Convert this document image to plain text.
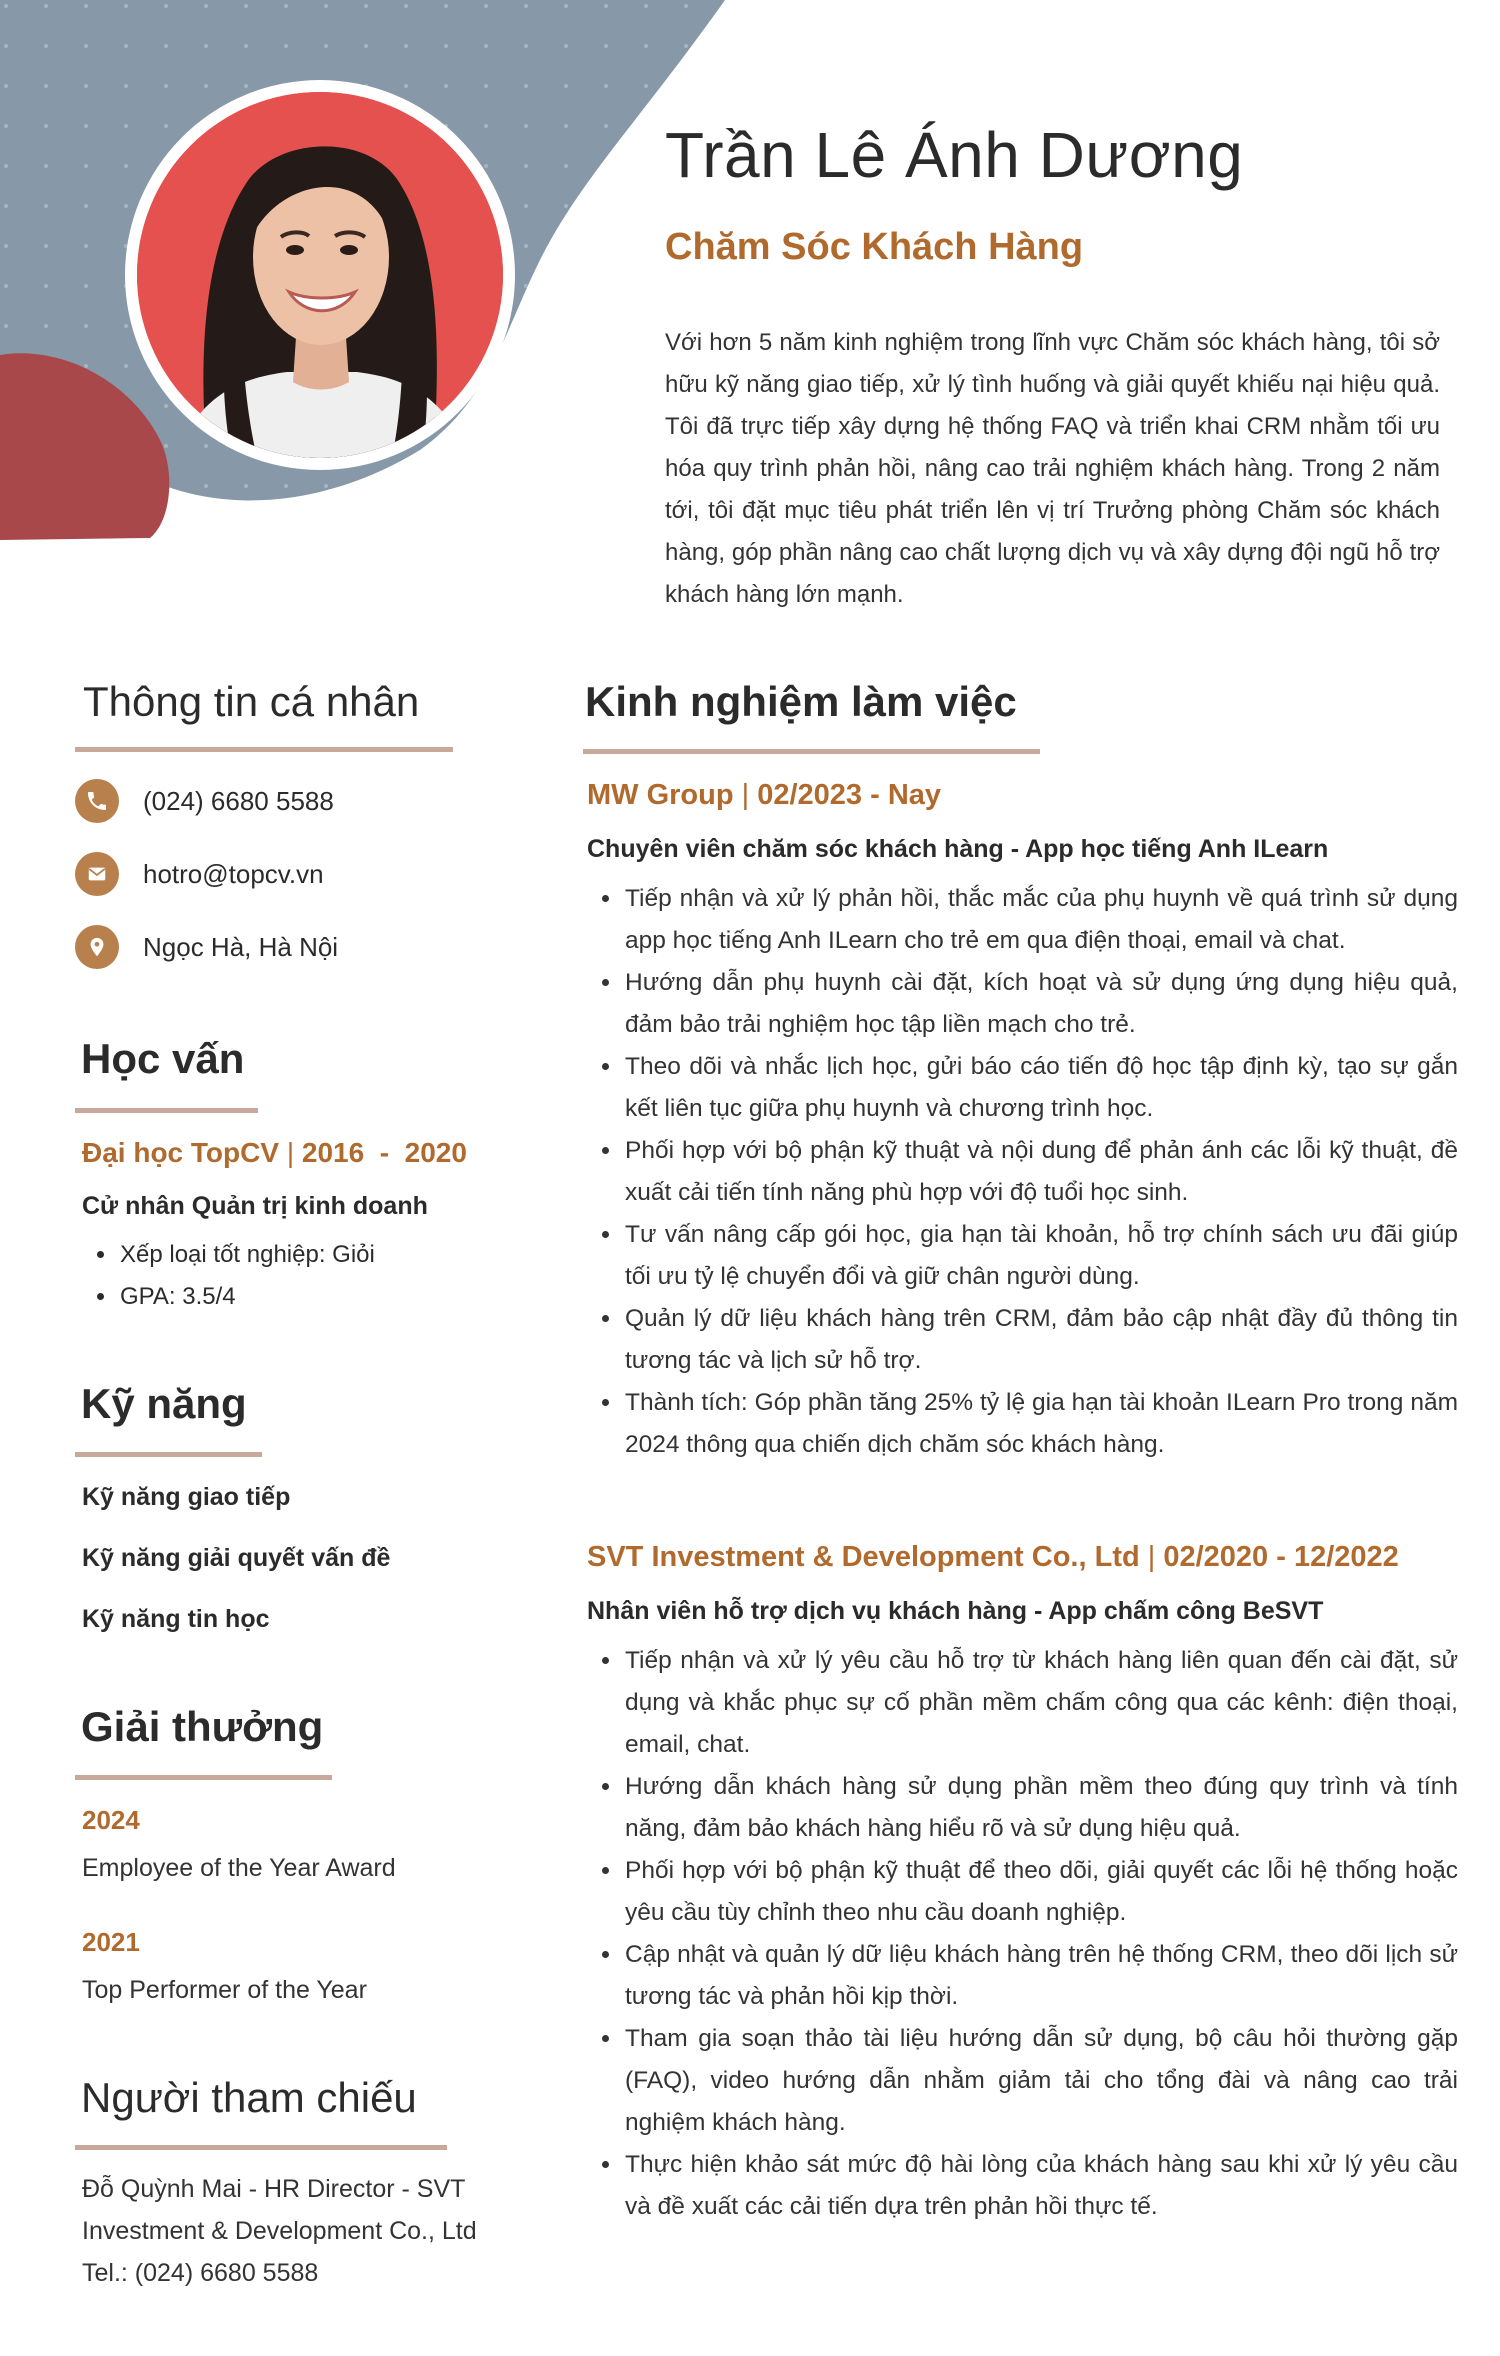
Trần Lê Ánh Dương
Chăm Sóc Khách Hàng
Với hơn 5 năm kinh nghiệm trong lĩnh vực Chăm sóc khách hàng, tôi sở hữu kỹ năng giao tiếp, xử lý tình huống và giải quyết khiếu nại hiệu quả. Tôi đã trực tiếp xây dựng hệ thống FAQ và triển khai CRM nhằm tối ưu hóa quy trình phản hồi, nâng cao trải nghiệm khách hàng. Trong 2 năm tới, tôi đặt mục tiêu phát triển lên vị trí Trưởng phòng Chăm sóc khách hàng, góp phần nâng cao chất lượng dịch vụ và xây dựng đội ngũ hỗ trợ khách hàng lớn mạnh.
Thông tin cá nhân
(024) 6680 5588
hotro@topcv.vn
Ngọc Hà, Hà Nội
Học vấn
Đại học TopCV | 2016  -  2020
Cử nhân Quản trị kinh doanh
• Xếp loại tốt nghiệp: Giỏi
• GPA: 3.5/4
Kỹ năng
Kỹ năng giao tiếp
Kỹ năng giải quyết vấn đề
Kỹ năng tin học
Giải thưởng
2024
Employee of the Year Award
2021
Top Performer of the Year
Người tham chiếu
Đỗ Quỳnh Mai - HR Director - SVT Investment & Development Co., Ltd
Tel.: (024) 6680 5588
Kinh nghiệm làm việc
MW Group | 02/2023 - Nay
Chuyên viên chăm sóc khách hàng - App học tiếng Anh ILearn
• Tiếp nhận và xử lý phản hồi, thắc mắc của phụ huynh về quá trình sử dụng app học tiếng Anh ILearn cho trẻ em qua điện thoại, email và chat.
• Hướng dẫn phụ huynh cài đặt, kích hoạt và sử dụng ứng dụng hiệu quả, đảm bảo trải nghiệm học tập liền mạch cho trẻ.
• Theo dõi và nhắc lịch học, gửi báo cáo tiến độ học tập định kỳ, tạo sự gắn kết liên tục giữa phụ huynh và chương trình học.
• Phối hợp với bộ phận kỹ thuật và nội dung để phản ánh các lỗi kỹ thuật, đề xuất cải tiến tính năng phù hợp với độ tuổi học sinh.
• Tư vấn nâng cấp gói học, gia hạn tài khoản, hỗ trợ chính sách ưu đãi giúp tối ưu tỷ lệ chuyển đổi và giữ chân người dùng.
• Quản lý dữ liệu khách hàng trên CRM, đảm bảo cập nhật đầy đủ thông tin tương tác và lịch sử hỗ trợ.
• Thành tích: Góp phần tăng 25% tỷ lệ gia hạn tài khoản ILearn Pro trong năm 2024 thông qua chiến dịch chăm sóc khách hàng.
SVT Investment & Development Co., Ltd | 02/2020 - 12/2022
Nhân viên hỗ trợ dịch vụ khách hàng - App chấm công BeSVT
• Tiếp nhận và xử lý yêu cầu hỗ trợ từ khách hàng liên quan đến cài đặt, sử dụng và khắc phục sự cố phần mềm chấm công qua các kênh: điện thoại, email, chat.
• Hướng dẫn khách hàng sử dụng phần mềm theo đúng quy trình và tính năng, đảm bảo khách hàng hiểu rõ và sử dụng hiệu quả.
• Phối hợp với bộ phận kỹ thuật để theo dõi, giải quyết các lỗi hệ thống hoặc yêu cầu tùy chỉnh theo nhu cầu doanh nghiệp.
• Cập nhật và quản lý dữ liệu khách hàng trên hệ thống CRM, theo dõi lịch sử tương tác và phản hồi kịp thời.
• Tham gia soạn thảo tài liệu hướng dẫn sử dụng, bộ câu hỏi thường gặp (FAQ), video hướng dẫn nhằm giảm tải cho tổng đài và nâng cao trải nghiệm khách hàng.
• Thực hiện khảo sát mức độ hài lòng của khách hàng sau khi xử lý yêu cầu và đề xuất các cải tiến dựa trên phản hồi thực tế.
